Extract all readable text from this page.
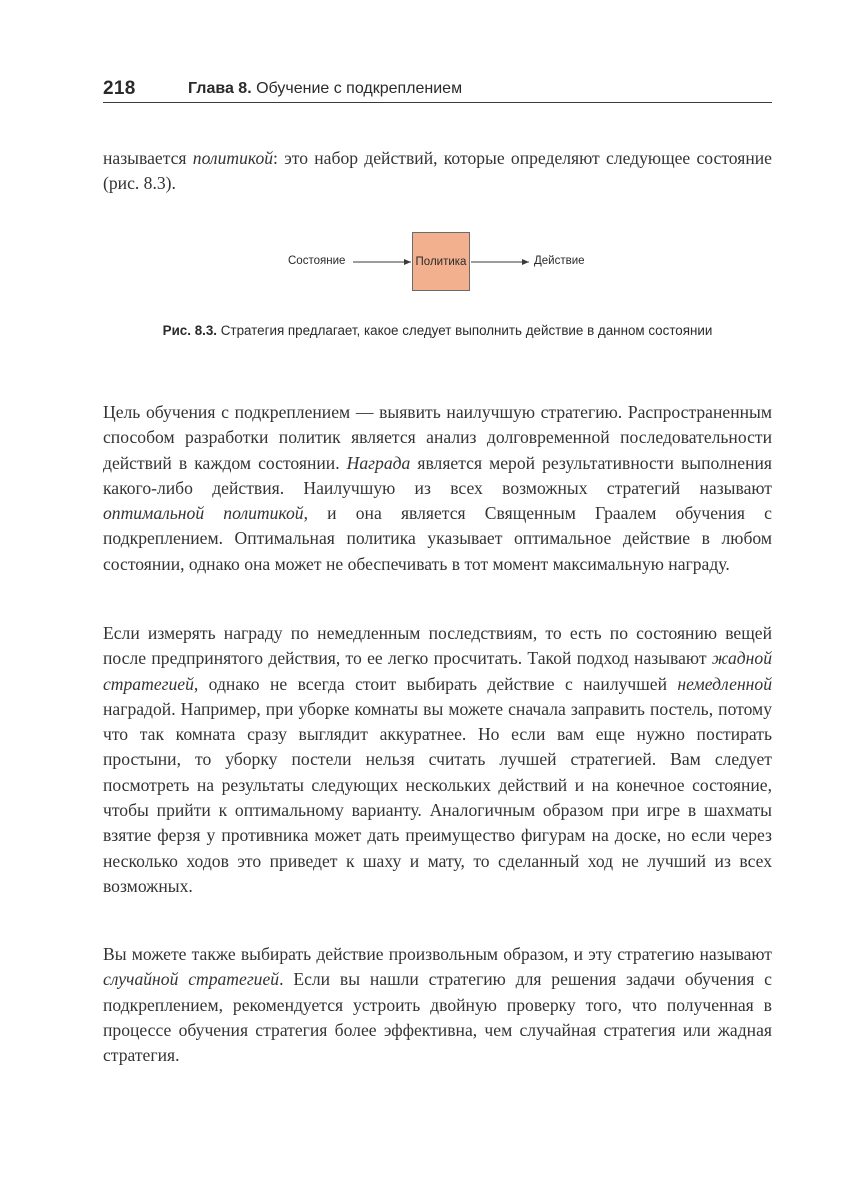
218	Глава 8. Обучение с подкреплением

называется политикой: это набор действий, которые определяют следующее состояние (рис. 8.3).

Состояние	Политика	Действие
Рис. 8.3. Стратегия предлагает, какое следует выполнить действие в данном состоянии

Цель обучения с подкреплением — выявить наилучшую стратегию. Распространенным способом разработки политик является анализ долговременной последовательности действий в каждом состоянии. Награда является мерой результативности выполнения какого-либо действия. Наилучшую из всех возможных стратегий называют оптимальной политикой, и она является Священным Граалем обучения с подкреплением. Оптимальная политика указывает оптимальное действие в любом состоянии, однако она может не обеспечивать в тот момент максимальную награду.

Если измерять награду по немедленным последствиям, то есть по состоянию вещей после предпринятого действия, то ее легко просчитать. Такой подход называют жадной стратегией, однако не всегда стоит выбирать действие с наилучшей немедленной наградой. Например, при уборке комнаты вы можете сначала заправить постель, потому что так комната сразу выглядит аккуратнее. Но если вам еще нужно постирать простыни, то уборку постели нельзя считать лучшей стратегией. Вам следует посмотреть на результаты следующих нескольких действий и на конечное состояние, чтобы прийти к оптимальному варианту. Аналогичным образом при игре в шахматы взятие ферзя у противника может дать преимущество фигурам на доске, но если через несколько ходов это приведет к шаху и мату, то сделанный ход не лучший из всех возможных.

Вы можете также выбирать действие произвольным образом, и эту стратегию называют случайной стратегией. Если вы нашли стратегию для решения задачи обучения с подкреплением, рекомендуется устроить двойную проверку того, что полученная в процессе обучения стратегия более эффективна, чем случайная стратегия или жадная стратегия.
